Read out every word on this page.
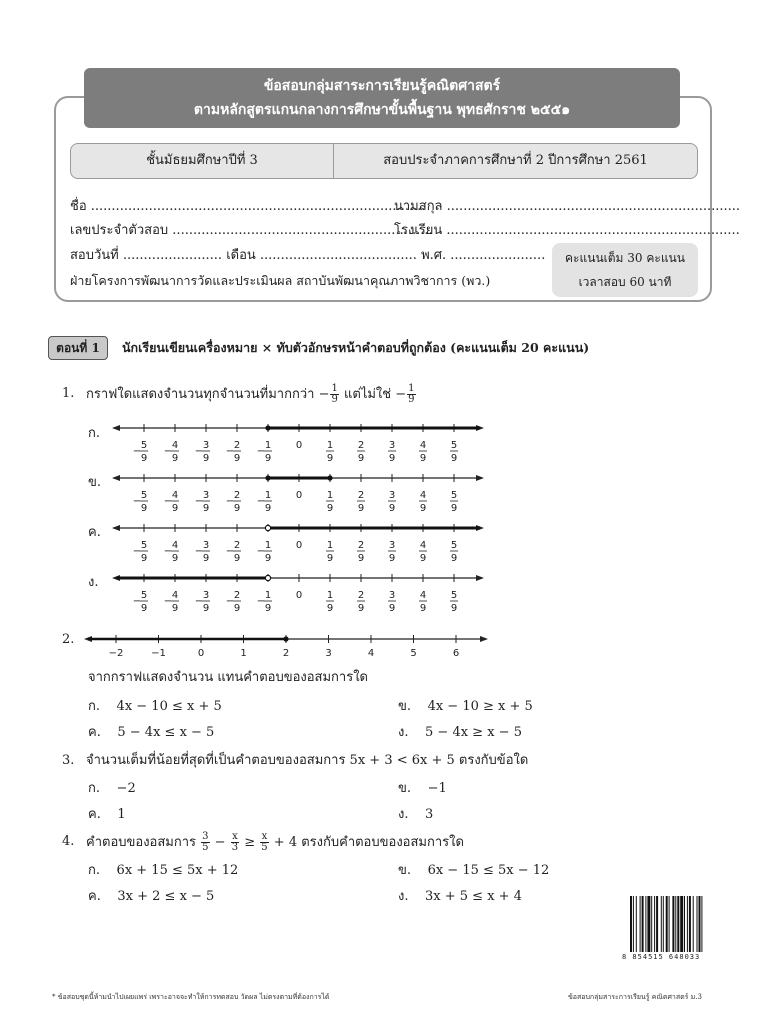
ข้อสอบกลุ่มสาระการเรียนรู้คณิตศาสตร์
ตามหลักสูตรแกนกลางการศึกษาขั้นพื้นฐาน พุทธศักราช ๒๕๕๑
ชั้นมัธยมศึกษาปีที่ 3	สอบประจำภาคการศึกษาที่ 2 ปีการศึกษา 2561
ชื่อ .................................................................................
นามสกุล .......................................................................
เลขประจำตัวสอบ ...............................................................
โรงเรียน .......................................................................
สอบวันที่ ........................ เดือน ...................................... พ.ศ. .......................
ฝ่ายโครงการพัฒนาการวัดและประเมินผล สถาบันพัฒนาคุณภาพวิชาการ (พว.)
คะแนนเต็ม 30 คะแนน
เวลาสอบ 60 นาที
ตอนที่ 1	นักเรียนเขียนเครื่องหมาย × ทับตัวอักษรหน้าคำตอบที่ถูกต้อง (คะแนนเต็ม 20 คะแนน)
1. กราฟใดแสดงจำนวนทุกจำนวนที่มากกว่า − $\frac{1}{9}$ แต่ไม่ใช่ − $\frac{1}{9}$
ก.
ข.
ค.
ง.
−
5
9
−
4
9
−
3
9
−
2
9
−
1
9
0 1
9
2
9
3
9
4
9
5
9
−
5
9
−
4
9
−
3
9
−
2
9
−
1
9
0 1
9
2
9
3
9
4
9
5
9
−
5
9
−
4
9
−
3
9
−
2
9
−
1
9
0 1
9
2
9
3
9
4
9
5
9
−
5
9
−
4
9
−
3
9
−
2
9
−
1
9
0 1
9
2
9
3
9
4
9
5
9
2.
−2	−1	0	1	2	3	4	5	6
จากกราฟแสดงจำนวน แทนคำตอบของอสมการใด
ก. 4x − 10 ≤ x + 5	ข. 4x − 10 ≥ x + 5
ค. 5 − 4x ≤ x − 5	ง. 5 − 4x ≥ x − 5
3. จำนวนเต็มที่น้อยที่สุดที่เป็นคำตอบของอสมการ 5x + 3 < 6x + 5 ตรงกับข้อใด
ก. −2	ข. −1
ค. 1	ง. 3
4. คำตอบของอสมการ $\frac{3}{5} - \frac{x}{3} \ge \frac{x}{5} + 4$ ตรงกับคำตอบของอสมการใด
ก. 6x + 15 ≤ 5x + 12	ข. 6x − 15 ≤ 5x − 12
ค. 3x + 2 ≤ x − 5	ง. 3x + 5 ≤ x + 4
8 854515 648033
* ข้อสอบชุดนี้ห้ามนำไปเผยแพร่ เพราะอาจจะทำให้การทดสอบ วัดผล ไม่ตรงตามที่ต้องการได้	ข้อสอบกลุ่มสาระการเรียนรู้ คณิตศาสตร์ ม.3
